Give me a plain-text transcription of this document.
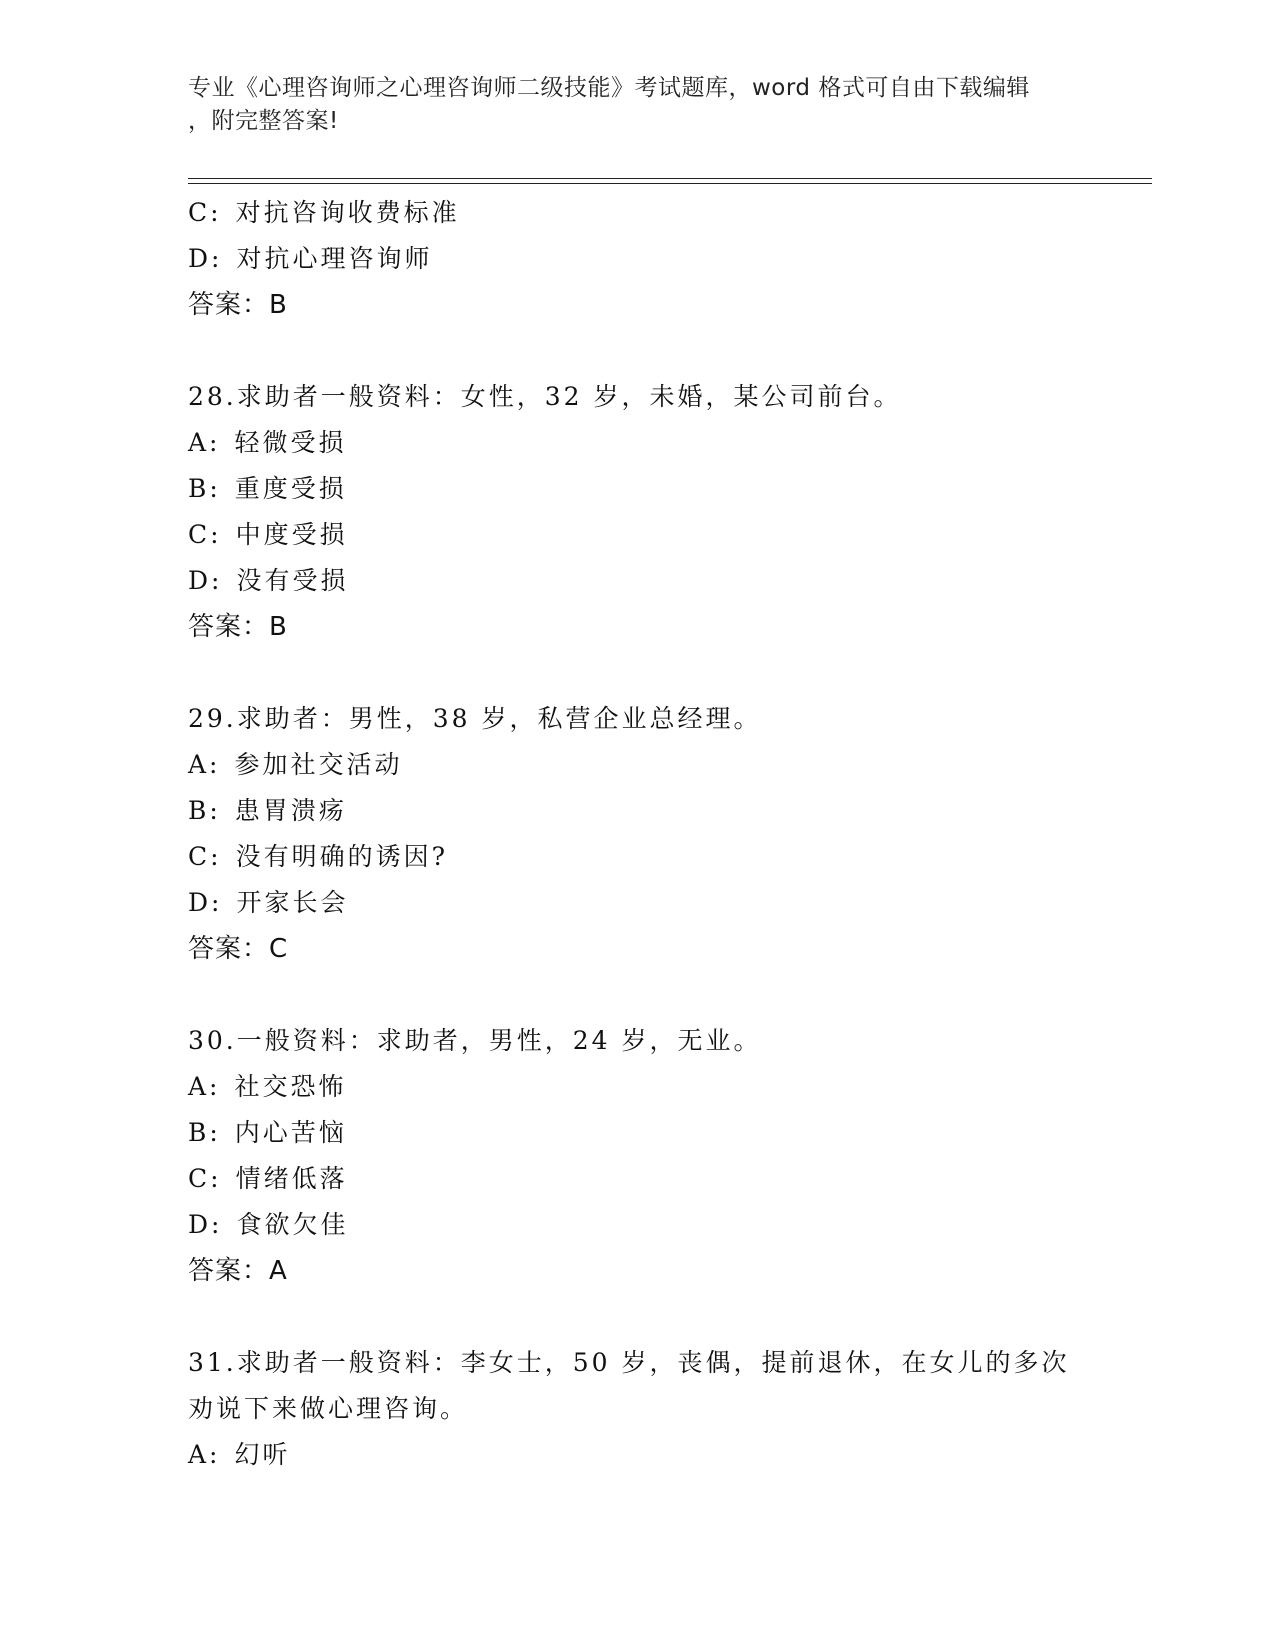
专业《心理咨询师之心理咨询师二级技能》考试题库，word 格式可自由下载编辑
，附完整答案!
C: 对抗咨询收费标准
D: 对抗心理咨询师
答案：B
28.求助者一般资料：女性，32 岁，未婚，某公司前台。
A: 轻微受损
B: 重度受损
C: 中度受损
D: 没有受损
答案：B
29.求助者：男性，38 岁，私营企业总经理。
A: 参加社交活动
B: 患胃溃疡
C: 没有明确的诱因?
D: 开家长会
答案：C
30.一般资料：求助者，男性，24 岁，无业。
A: 社交恐怖
B: 内心苦恼
C: 情绪低落
D: 食欲欠佳
答案：A
31.求助者一般资料：李女士，50 岁，丧偶，提前退休，在女儿的多次劝说下来做心理咨询。
A: 幻听
